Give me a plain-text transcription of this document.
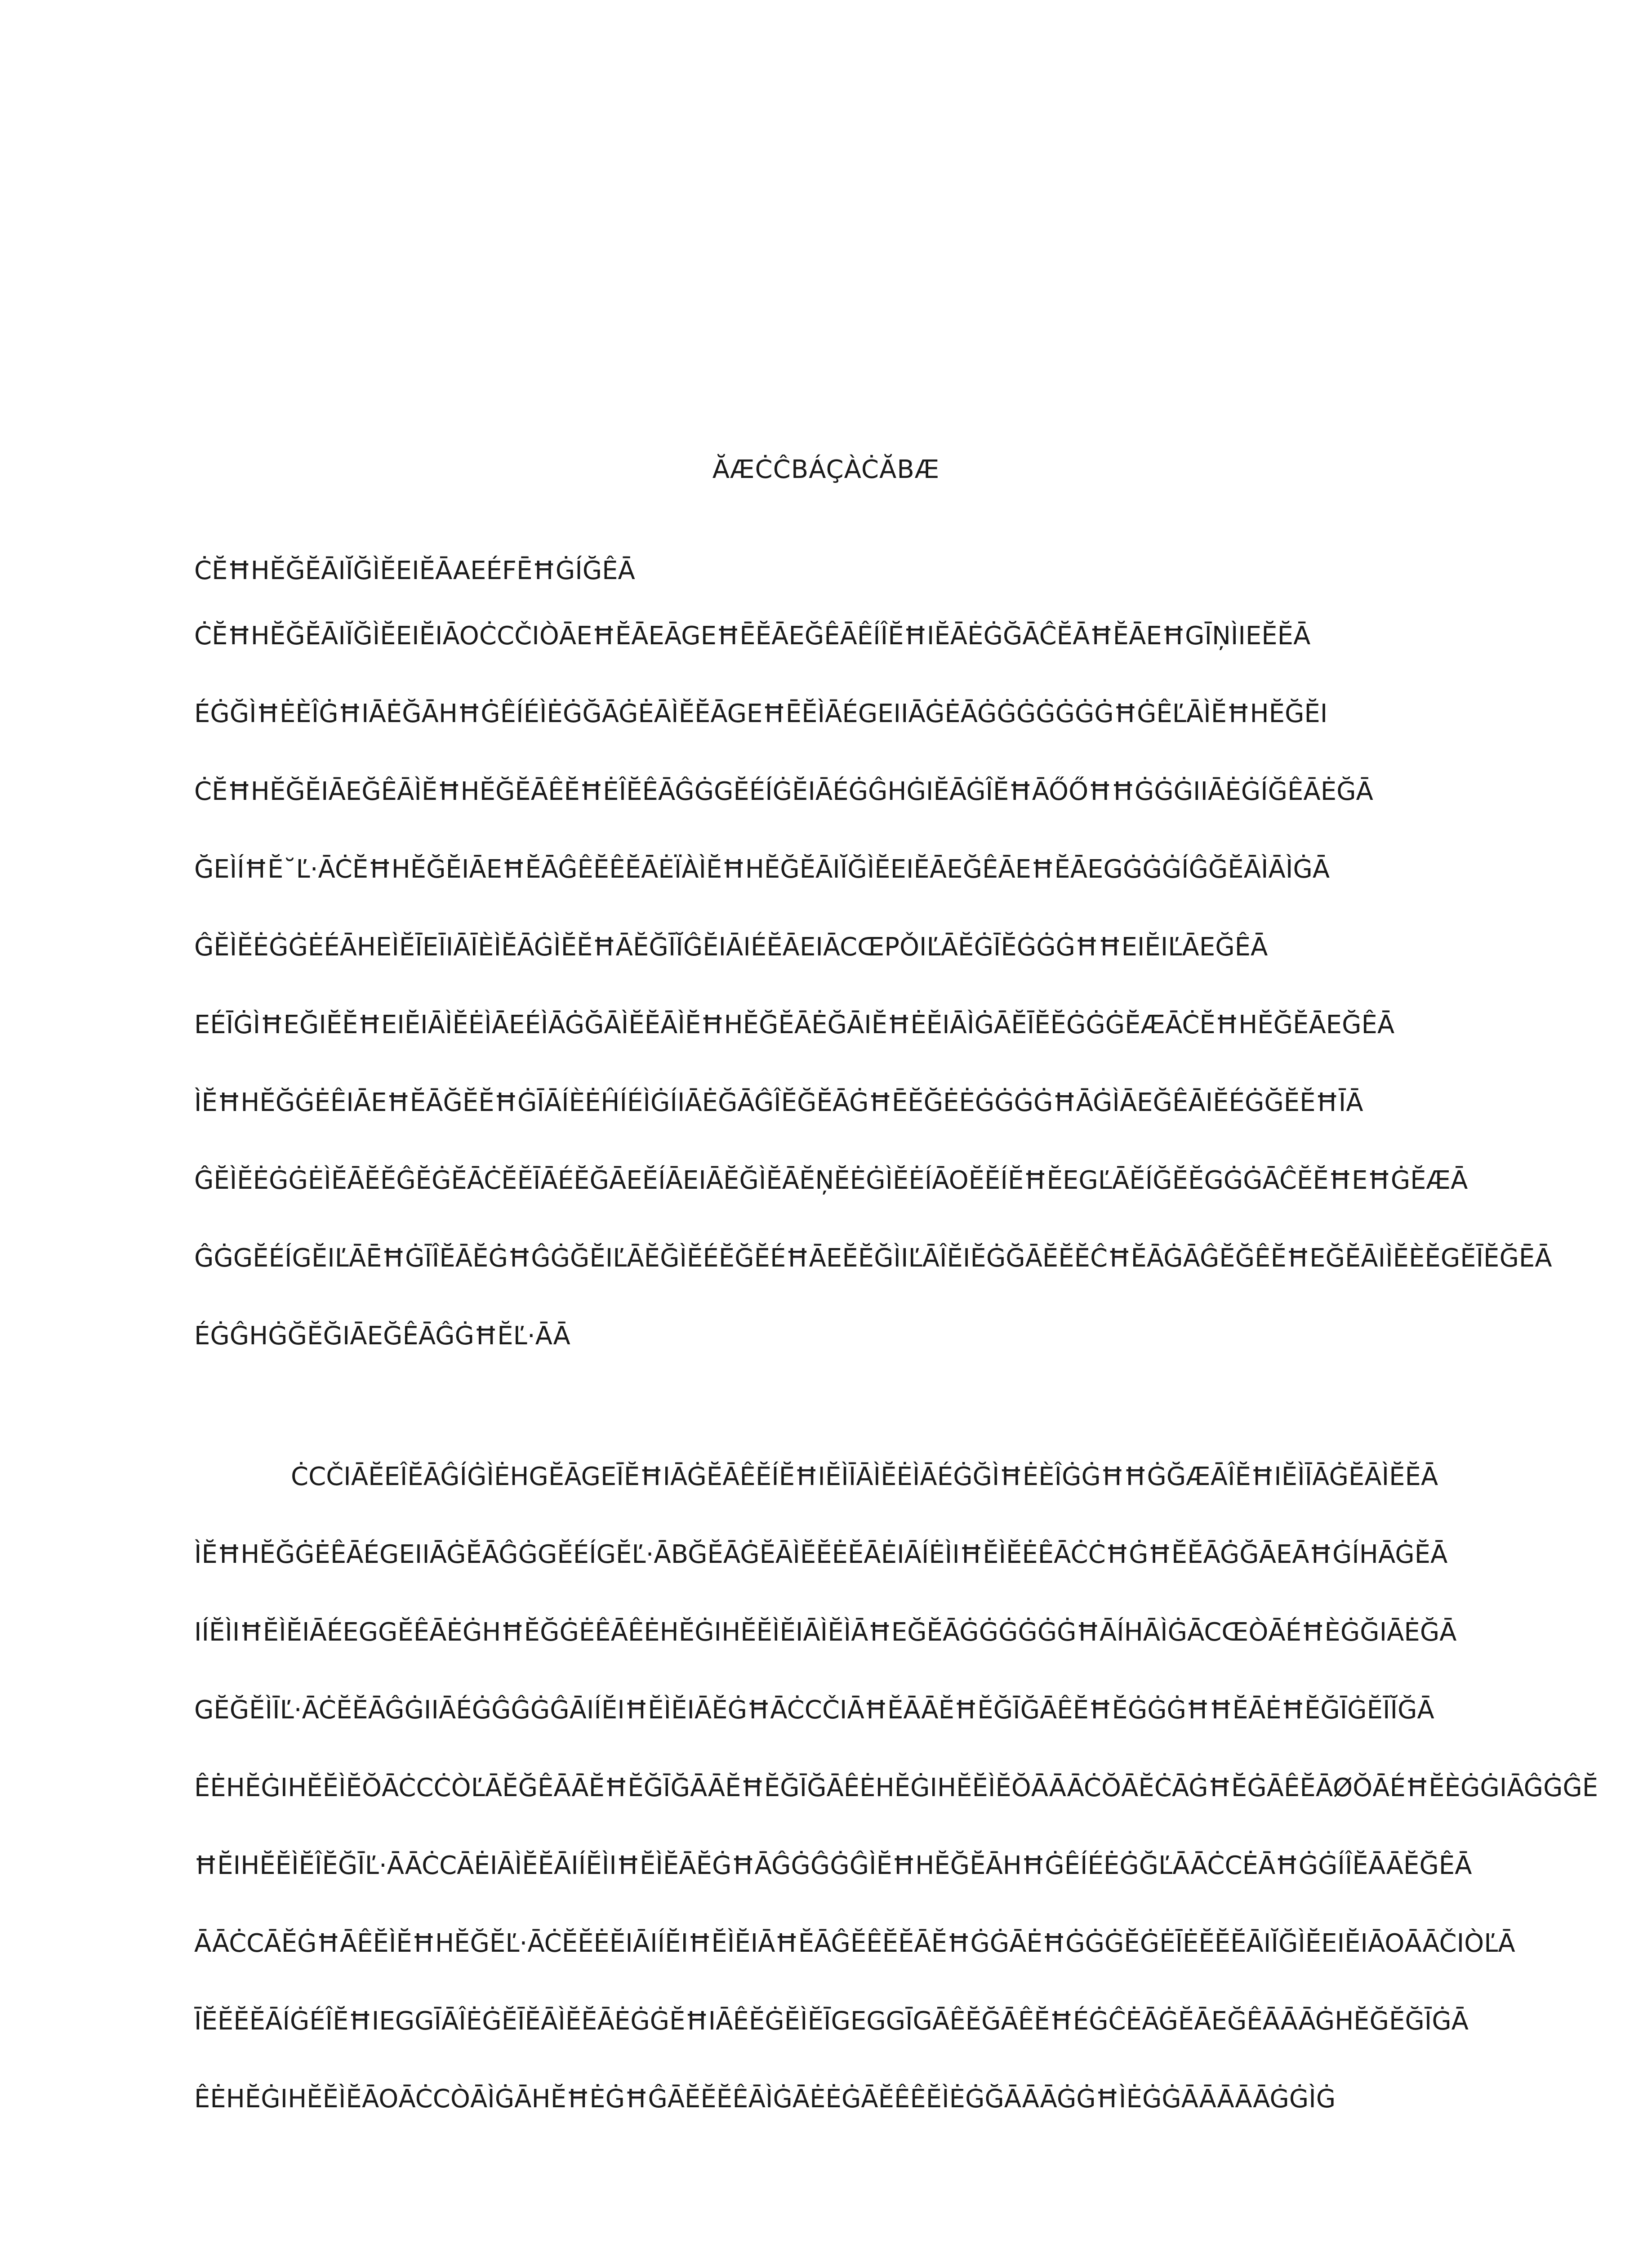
ĂÆĊĈBÁÇÀĊĂBÆ
ĊĔĦHĔĞĔĀIĬĞÌĔEIĔĀAEÉFĒĦĠÍĞÊĀ
ĊĔĦHĔĞĔĀIĬĞÌĔEIĔIĀOĊCČIÒĀEĦĔĀEĀGEĦĒĔĀEĞÊĀÊÍÎĔĦIĔĀĖĠĞĀĈĔĀĦĔĀEĦGĪŅÌIEĔĔĀ
ÉĠĞÌĦĖÈÎĠĦIĀĖĞĀHĦĠÊÍÉÌĖĠĞĀĠĖĀÌĔĔĀGEĦĒĔÌĀÉGEIIĀĠĖĀĠĠĠĠĠĠĠĦĠÊĽĀÌĔĦHĔĞĔI
ĊĔĦHĔĞĔIĀEĞÊĀÌĔĦHĔĞĔĀÊĔĦĖÎĔÊĀĜĠGĔÉÍĠĔIĀÉĠĜHĠIĔĀĠÎĔĦĀŐŐĦĦĠĠĠIIĀĖĠÍĞÊĀĖĞĀ
ĞEÌÍĦĔ˘Ľ·ĀĊĔĦHĔĞĔIĀEĦĔĀĜÊĔÊĔĀĖÏÀÌĔĦHĔĞĔĀIĬĞÌĔEIĔĀEĞÊĀEĦĔĀEGĠĠĠÍĜĞĔĀÌĀÌĠĀ
ĜĔÌĔĖĠĠĖÉĀHEÌĔĪEĪIĀĪÈÌĔĀĠÌĔĔĦĀĔĞĪĬĜĔIĀIÉĔĀEIĀCŒPǑIĽĀĔĠĪĔĠĠĠĦĦEIĔIĽĀEĞÊĀ
EÉĪĠÌĦEĞIĔĔĦEIĔIĀÌĔĖÌĀEÉÌĀĠĞĀÌĔĔĀÌĔĦHĔĞĔĀĖĞĀIĔĦĖĔIĀÌĠĀĔĪĔĔĠĠĠĔÆĀĊĔĦHĔĞĔĀEĞÊĀ
ÌĔĦHĔĞĠĖÊIĀEĦĔĀĞĔĔĦĠĪĀÍÈĖĤÍÉÌĠÍIĀĖĞĀĜÎĔĞĔĀĠĦĒĔĞĖĖĠĠĠĠĦĀĠÌĀEĞÊĀIĔÉĠĞĔĔĦĪĀ
ĜĔÌĔĖĠĠĖÌĔĀĔĔĜĔĠĔĀĊĔĔĪĀÉĔĞĀEĔÍĀEIĀĔĞÌĔĀĔŅĔĖĠÌĔĖÍĀOĔĔÍĔĦĔEGĽĀĔÍĞĔĔGĠĠĀĈĔĔĦEĦĠĔÆĀ
ĜĠGĔÉÍGĔIĽĀĒĦĠĪÎĔĀĔĠĦĜĠĞĔIĽĀĔĞÌĔÉĔĞĔÉĦĀEĔĔĞÌIĽĀÎĔIĔĠĞĀĔĔĔĈĦĔĀĠĀĜĔĞÊĔĦEĞĔĀIÌĔÈĔGĔĪĔĞĒĀ
ÉĠĜHĠĞĔĞIĀEĞÊĀĜĠĦĔĽ·ĀĀ
ĊCČIĀĔEÎĔĀĜÍĠÌĖHGĔĀGEĪĔĦIĀĠĔĀÊĔÍĔĦIĔÌĪĀÌĔĖÌĀÉĠĞÌĦĖÈÎĠĠĦĦĠĞÆĀÎĔĦIĔÌĪĀĠĔĀÌĔĔĀ
ÌĔĦHĔĞĠĖÊĀÉGEIIĀĠĔĀĜĠGĔÉÍGĔĽ·ĀBĞĔĀĠĔĀÌĔĔĖĔĀĖIĀÍĖÌIĦĔÌĔĖÊĀĊĊĦĠĦĔĔĀĠĞĀEĀĦĠÍHĀĠĔĀ
IÍĔÌIĦĔÌĔIĀÉEGGĔÊĀĖĠHĦĔĞĠĖÊĀÊĖHĔĠIHĔĔÌĔIĀÌĔÌĀĦEĞĔĀĠĠĠĠĠĠĦĀÍHĀÌĠĀCŒÒĀÉĦÈĠĞIĀĖĞĀ
GĔĞĔÌĪĽ·ĀĊĔĔĀĜĠIIĀÉĠĜĜĠĜĀIÍĔIĦĔÌĔIĀĔĠĦĀĊCČIĀĦĔĀĀĔĦĔĞĪĞĀÊĔĦĔĠĠĠĦĦĔĀĖĦĔĞĪĠĔĪĬĞĀ
ÊĖHĔĠIHĔĔÌĔŎĀĊCĊÒĽĀĔĞÊĀĀĔĦĔĞĪĞĀĀĔĦĔĞĪĞĀÊĖHĔĠIHĔĔÌĔŎĀĀĀĊŎĀĔĊĀĠĦĔĠĀÊĔĀØŎĀÉĦĔÈĠĠIĀĜĠĜĔ
ĦĔIHĔĔÌĔÎĔĞĪĽ·ĀĀĊCĀĖIĀÌĔĔĀIÍĔÌIĦĔÌĔĀĔĠĦĀĜĠĜĠĜÌĔĦHĔĞĔĀHĦĠÊÍÉĖĠĞĽĀĀĊCĖĀĦĠĠÍÎĔĀĀĔĞÊĀ
ĀĀĊCĀĔĠĦĀÊĔÌĔĦHĔĞĔĽ·ĀĊĔĔĖĔIĀIÍĔIĦĔÌĔIĀĦĔĀĜĔÊĔĔĀĔĦĠĠĀĖĦĠĠĠĔĠĖĪĖĔĔĔĀIĬĞÌĔEIĔIĀOĀĀČIÒĽĀ
ĪĔĔĔĔĀÍĠÉÎĔĦIEGGĪĀÎĖĠĔĪĔĀÌĔĔĀĖĠĠĔĦIĀÊĔĠĔÌĔĪGEGGĪGĀÊĔĞĀÊĔĦÉĠĈĖĀĠĔĀEĞÊĀĀĀĠHĔĞĔĞĪĠĀ
ÊĖHĔĠIHĔĔÌĔĀOĀĊCÒĀÌĠĀHĔĦĖĠĦĜĀĔĔĔÊĀÌĠĀĖĖĠĀĔÊÊĔÌĖĠĞĀĀĀĠĠĦÌĖĠĠĀĀĀĀĀĠĠÌĠ
